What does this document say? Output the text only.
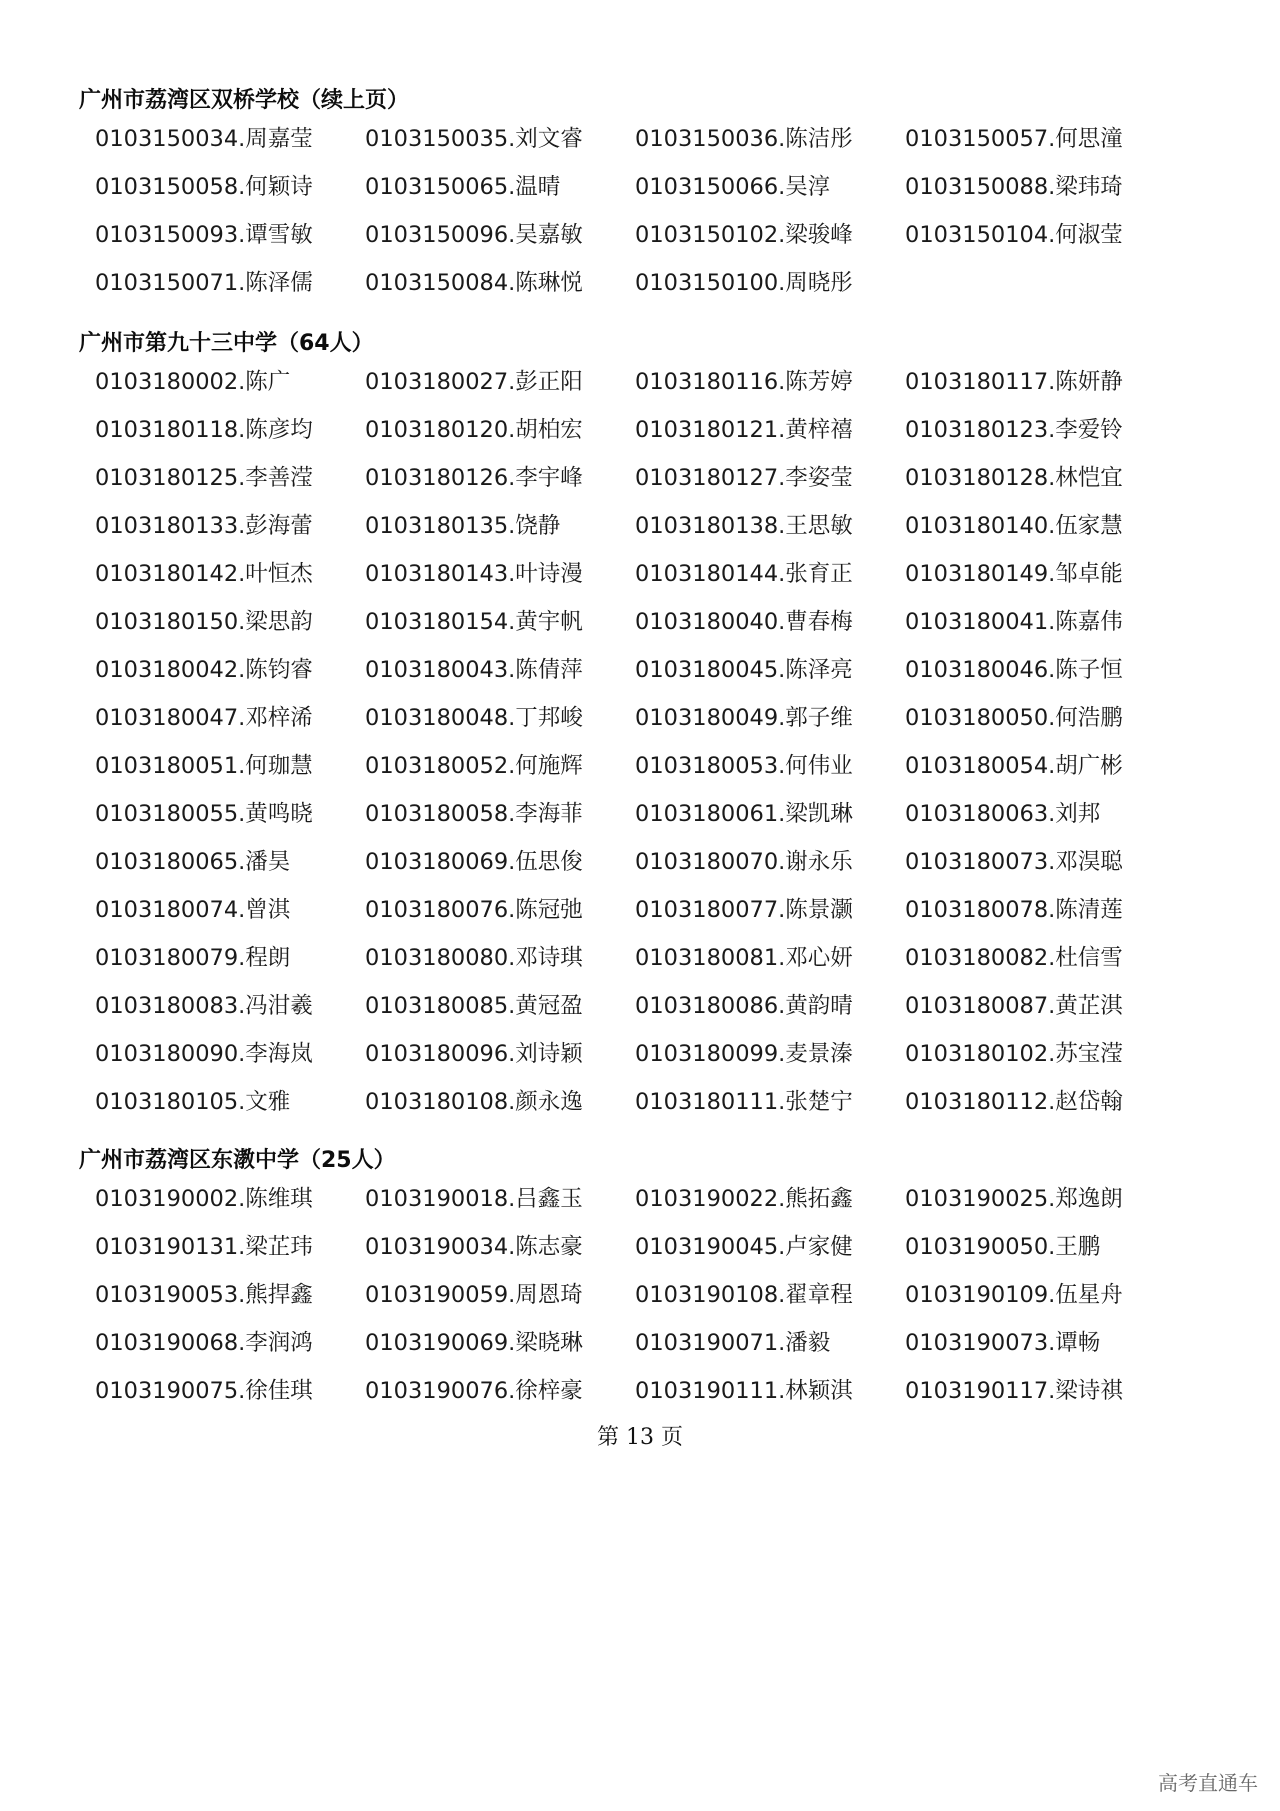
广州市荔湾区双桥学校（续上页）
0103150034.周嘉莹 0103150035.刘文睿 0103150036.陈洁彤 0103150057.何思潼
0103150058.何颖诗 0103150065.温晴	0103150066.吴淳	0103150088.梁玮琦
0103150093.谭雪敏 0103150096.吴嘉敏 0103150102.梁骏峰 0103150104.何淑莹
0103150071.陈泽儒 0103150084.陈琳悦 0103150100.周晓彤
广州市第九十三中学（64人）
0103180002.陈广	0103180027.彭正阳 0103180116.陈芳婷 0103180117.陈妍静
0103180118.陈彦均 0103180120.胡柏宏 0103180121.黄梓禧 0103180123.李爱铃
0103180125.李善滢 0103180126.李宇峰 0103180127.李姿莹 0103180128.林恺宜
0103180133.彭海蕾 0103180135.饶静	0103180138.王思敏 0103180140.伍家慧
0103180142.叶恒杰 0103180143.叶诗漫 0103180144.张育正 0103180149.邹卓能
0103180150.梁思韵 0103180154.黄宇帆 0103180040.曹春梅 0103180041.陈嘉伟
0103180042.陈钧睿 0103180043.陈倩萍 0103180045.陈泽亮 0103180046.陈子恒
0103180047.邓梓浠 0103180048.丁邦峻 0103180049.郭子维 0103180050.何浩鹏
0103180051.何珈慧 0103180052.何施辉 0103180053.何伟业 0103180054.胡广彬
0103180055.黄鸣晓 0103180058.李海菲 0103180061.梁凯琳 0103180063.刘邦
0103180065.潘昊	0103180069.伍思俊 0103180070.谢永乐 0103180073.邓淏聪
0103180074.曾淇	0103180076.陈冠弛 0103180077.陈景灏 0103180078.陈清莲
0103180079.程朗	0103180080.邓诗琪 0103180081.邓心妍 0103180082.杜信雪
0103180083.冯泔羲 0103180085.黄冠盈 0103180086.黄韵晴 0103180087.黄芷淇
0103180090.李海岚 0103180096.刘诗颖 0103180099.麦景溱 0103180102.苏宝滢
0103180105.文雅	0103180108.颜永逸 0103180111.张楚宁 0103180112.赵岱翰
广州市荔湾区东漖中学（25人）
0103190002.陈维琪 0103190018.吕鑫玉 0103190022.熊拓鑫 0103190025.郑逸朗
0103190131.梁芷玮 0103190034.陈志豪 0103190045.卢家健 0103190050.王鹏
0103190053.熊捍鑫 0103190059.周恩琦 0103190108.翟章程 0103190109.伍星舟
0103190068.李润鸿 0103190069.梁晓琳 0103190071.潘毅	0103190073.谭畅
0103190075.徐佳琪 0103190076.徐梓豪 0103190111.林颖淇 0103190117.梁诗祺
第 13 页
高考直通车
